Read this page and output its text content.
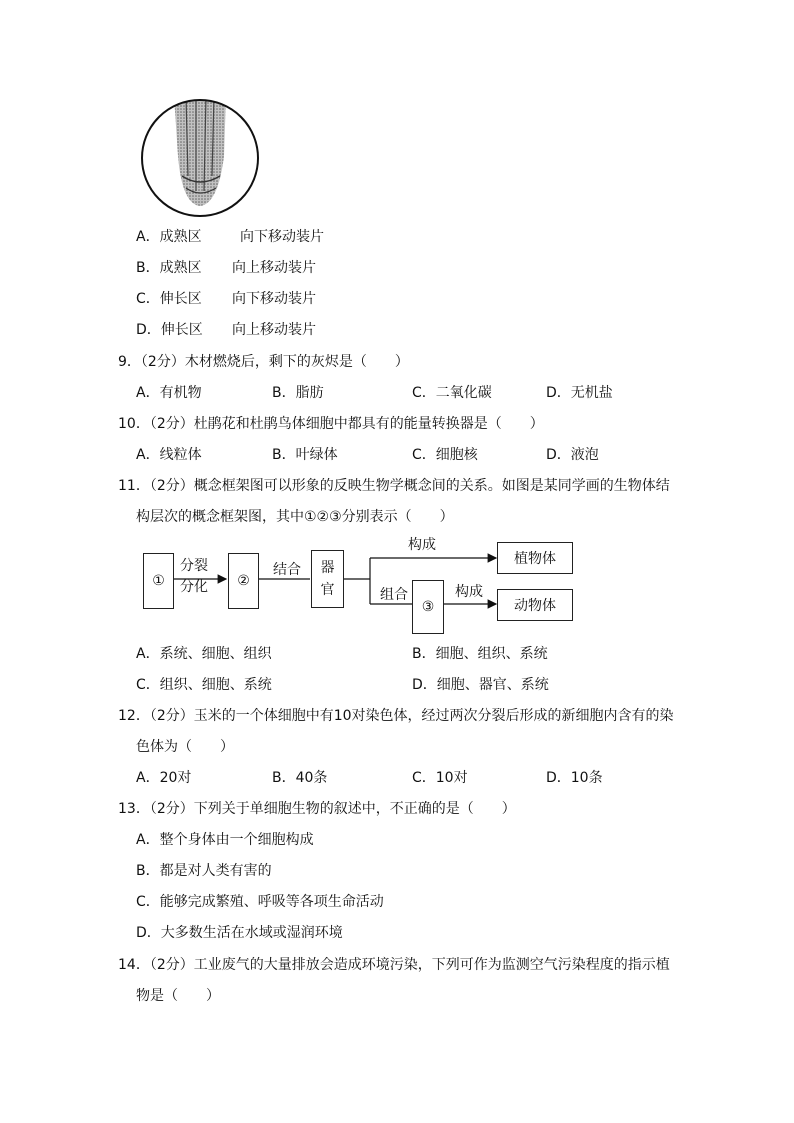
A．成熟区	向下移动装片
B．成熟区 向上移动装片
C．伸长区 向下移动装片
D．伸长区 向上移动装片
9．（2分）木材燃烧后，剩下的灰烬是（　　）
A．有机物	B．脂肪	C．二氧化碳	D．无机盐
10．（2分）杜鹃花和杜鹃鸟体细胞中都具有的能量转换器是（　　）
A．线粒体	B．叶绿体	C．细胞核	D．液泡
11．（2分）概念框架图可以形象的反映生物学概念间的关系。如图是某同学画的生物体结
构层次的概念框架图，其中①②③分别表示（　　）
①	②
器
官
③
植物体
动物体
分裂
分化
结合
构成
组合	构成
A．系统、细胞、组织	B．细胞、组织、系统
C．组织、细胞、系统	D．细胞、器官、系统
12．（2分）玉米的一个体细胞中有10对染色体，经过两次分裂后形成的新细胞内含有的染
色体为（　　）
A．20对	B．40条	C．10对	D．10条
13．（2分）下列关于单细胞生物的叙述中，不正确的是（　　）
A．整个身体由一个细胞构成
B．都是对人类有害的
C．能够完成繁殖、呼吸等各项生命活动
D．大多数生活在水域或湿润环境
14．（2分）工业废气的大量排放会造成环境污染，下列可作为监测空气污染程度的指示植
物是（　　）
